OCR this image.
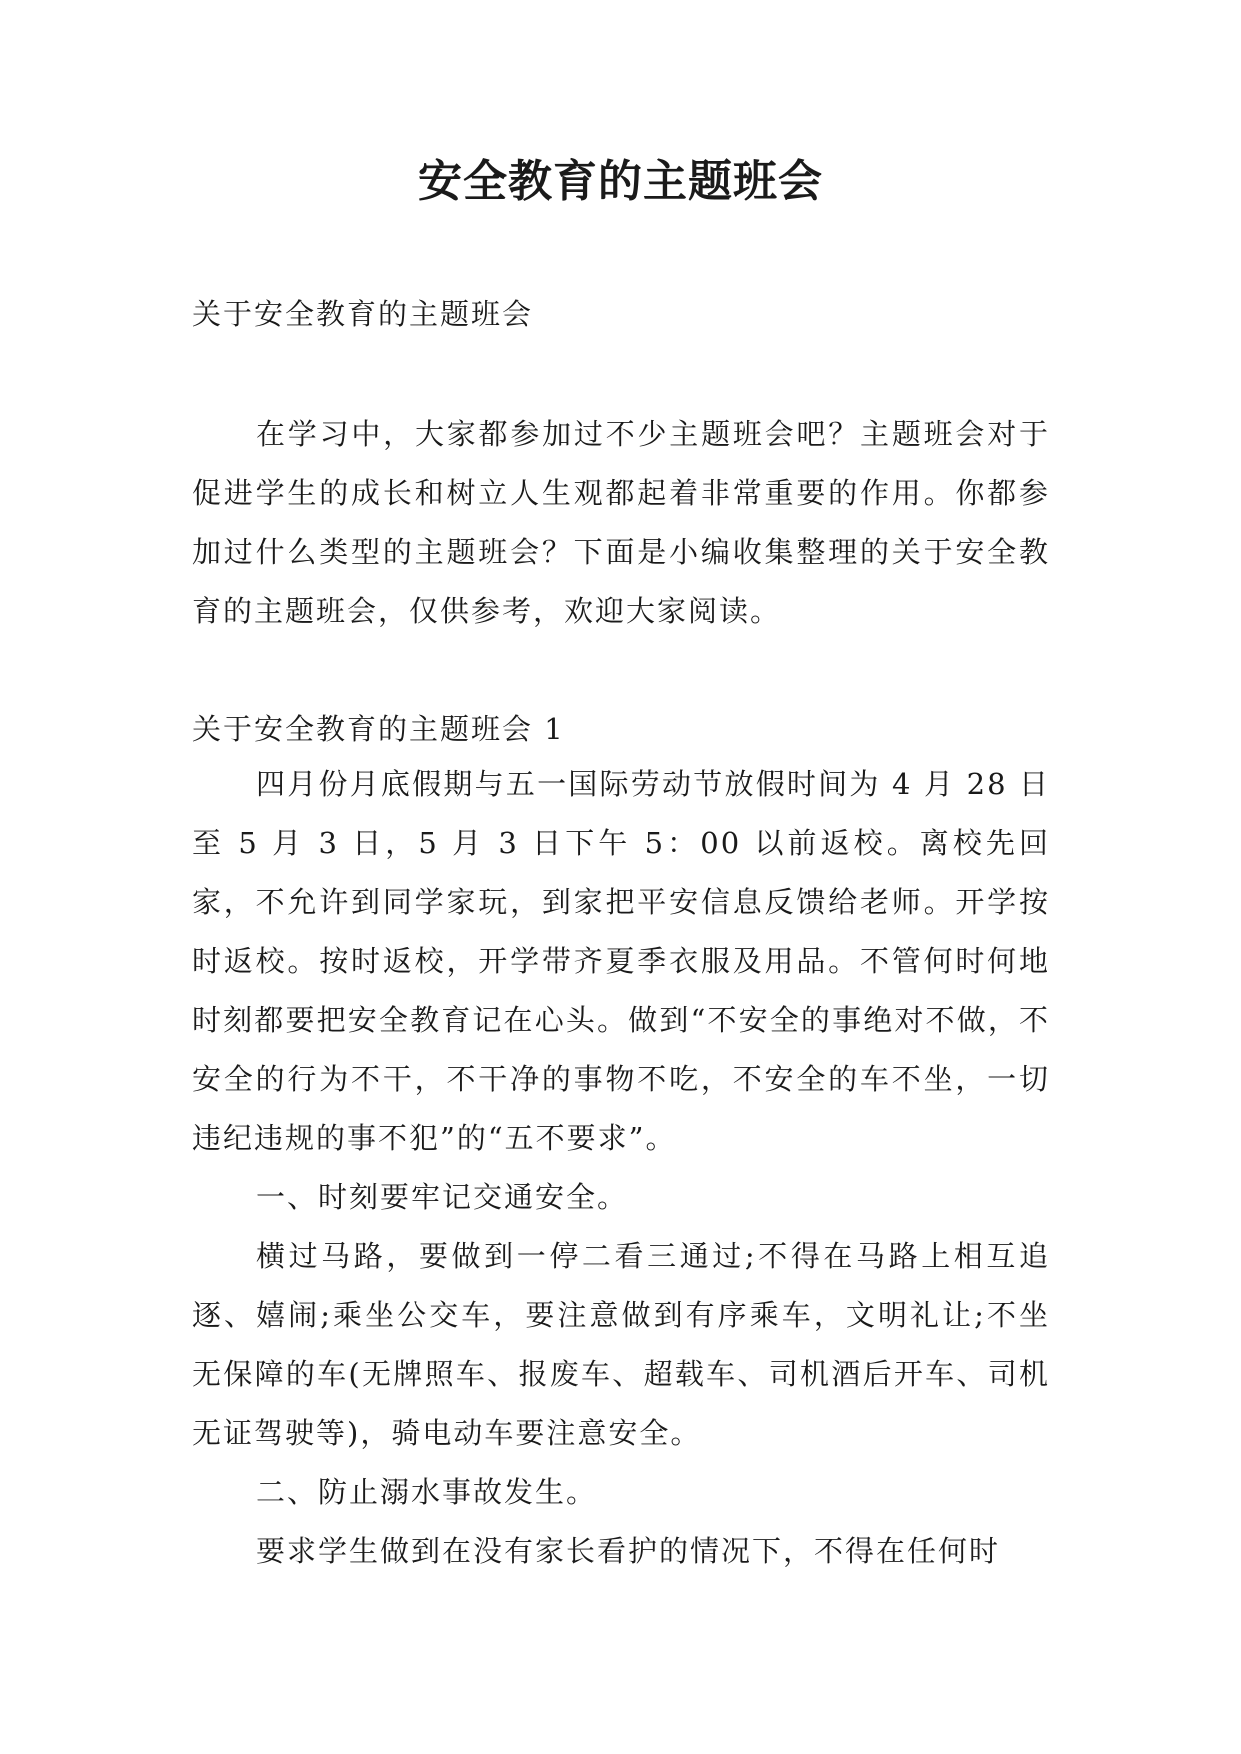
安全教育的主题班会
关于安全教育的主题班会

在学习中，大家都参加过不少主题班会吧？主题班会对于促进学生的成长和树立人生观都起着非常重要的作用。你都参加过什么类型的主题班会？下面是小编收集整理的关于安全教育的主题班会，仅供参考，欢迎大家阅读。

关于安全教育的主题班会 1

四月份月底假期与五一国际劳动节放假时间为 4 月 28 日至 5 月 3 日，5 月 3 日下午 5：00 以前返校。离校先回家，不允许到同学家玩，到家把平安信息反馈给老师。开学按时返校。按时返校，开学带齐夏季衣服及用品。不管何时何地时刻都要把安全教育记在心头。做到“不安全的事绝对不做，不安全的行为不干，不干净的事物不吃，不安全的车不坐，一切违纪违规的事不犯”的“五不要求”。

一、时刻要牢记交通安全。

横过马路，要做到一停二看三通过;不得在马路上相互追逐、嬉闹;乘坐公交车，要注意做到有序乘车，文明礼让;不坐无保障的车(无牌照车、报废车、超载车、司机酒后开车、司机无证驾驶等)，骑电动车要注意安全。

二、防止溺水事故发生。

要求学生做到在没有家长看护的情况下，不得在任何时
